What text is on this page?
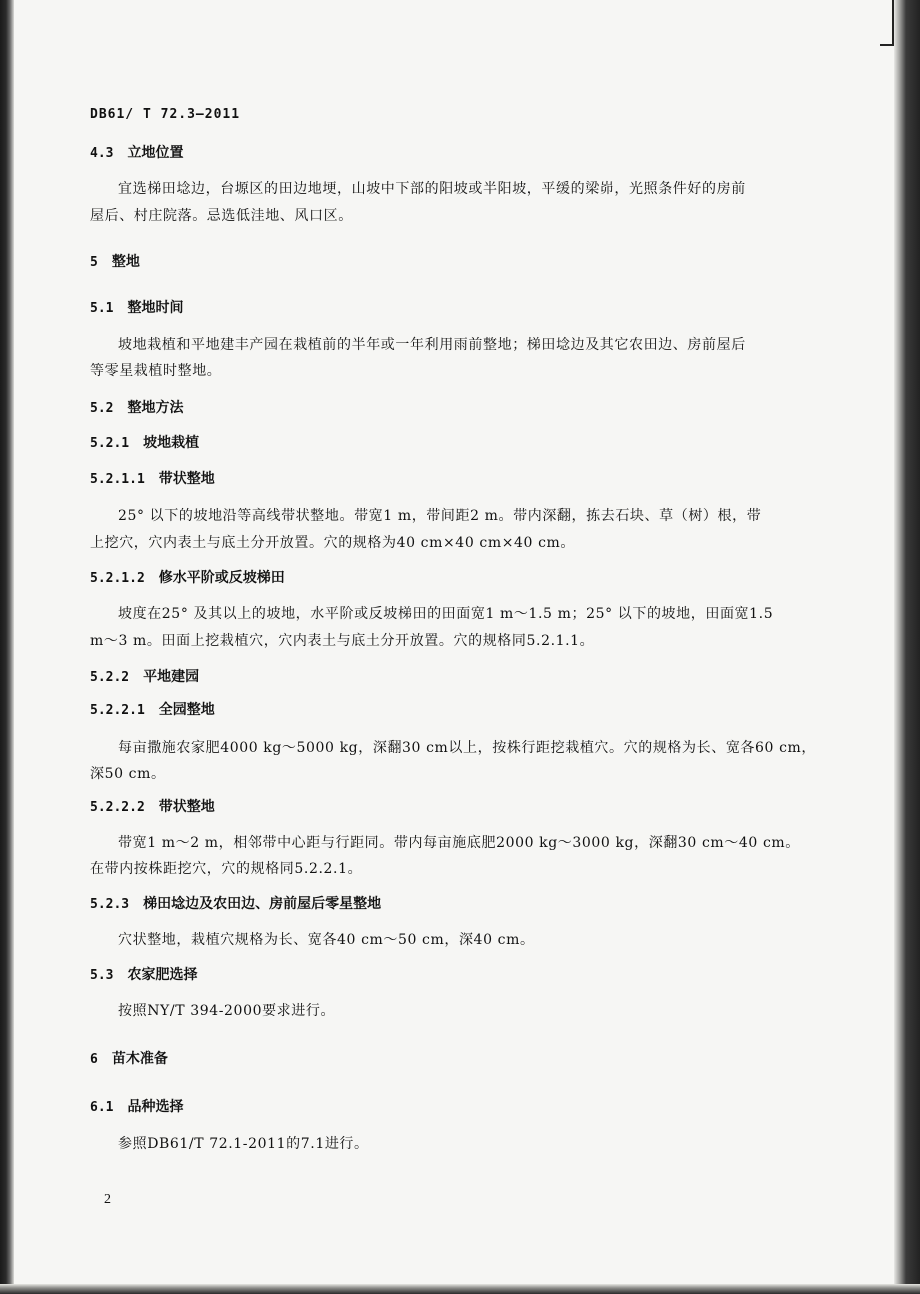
DB61/ T 72.3—2011
4.3 立地位置
宜选梯田埝边，台塬区的田边地埂，山坡中下部的阳坡或半阳坡，平缓的梁峁，光照条件好的房前
屋后、村庄院落。忌选低洼地、风口区。
5 整地
5.1 整地时间
坡地栽植和平地建丰产园在栽植前的半年或一年利用雨前整地；梯田埝边及其它农田边、房前屋后
等零星栽植时整地。
5.2 整地方法
5.2.1 坡地栽植
5.2.1.1 带状整地
25° 以下的坡地沿等高线带状整地。带宽1 m，带间距2 m。带内深翻，拣去石块、草（树）根，带
上挖穴，穴内表土与底土分开放置。穴的规格为40 cm×40 cm×40 cm。
5.2.1.2 修水平阶或反坡梯田
坡度在25° 及其以上的坡地，水平阶或反坡梯田的田面宽1 m～1.5 m；25° 以下的坡地，田面宽1.5
m～3 m。田面上挖栽植穴，穴内表土与底土分开放置。穴的规格同5.2.1.1。
5.2.2 平地建园
5.2.2.1 全园整地
每亩撒施农家肥4000 kg～5000 kg，深翻30 cm以上，按株行距挖栽植穴。穴的规格为长、宽各60 cm，
深50 cm。
5.2.2.2 带状整地
带宽1 m～2 m，相邻带中心距与行距同。带内每亩施底肥2000 kg～3000 kg，深翻30 cm～40 cm。
在带内按株距挖穴，穴的规格同5.2.2.1。
5.2.3 梯田埝边及农田边、房前屋后零星整地
穴状整地，栽植穴规格为长、宽各40 cm～50 cm，深40 cm。
5.3 农家肥选择
按照NY/T 394-2000要求进行。
6 苗木准备
6.1 品种选择
参照DB61/T 72.1-2011的7.1进行。
2
